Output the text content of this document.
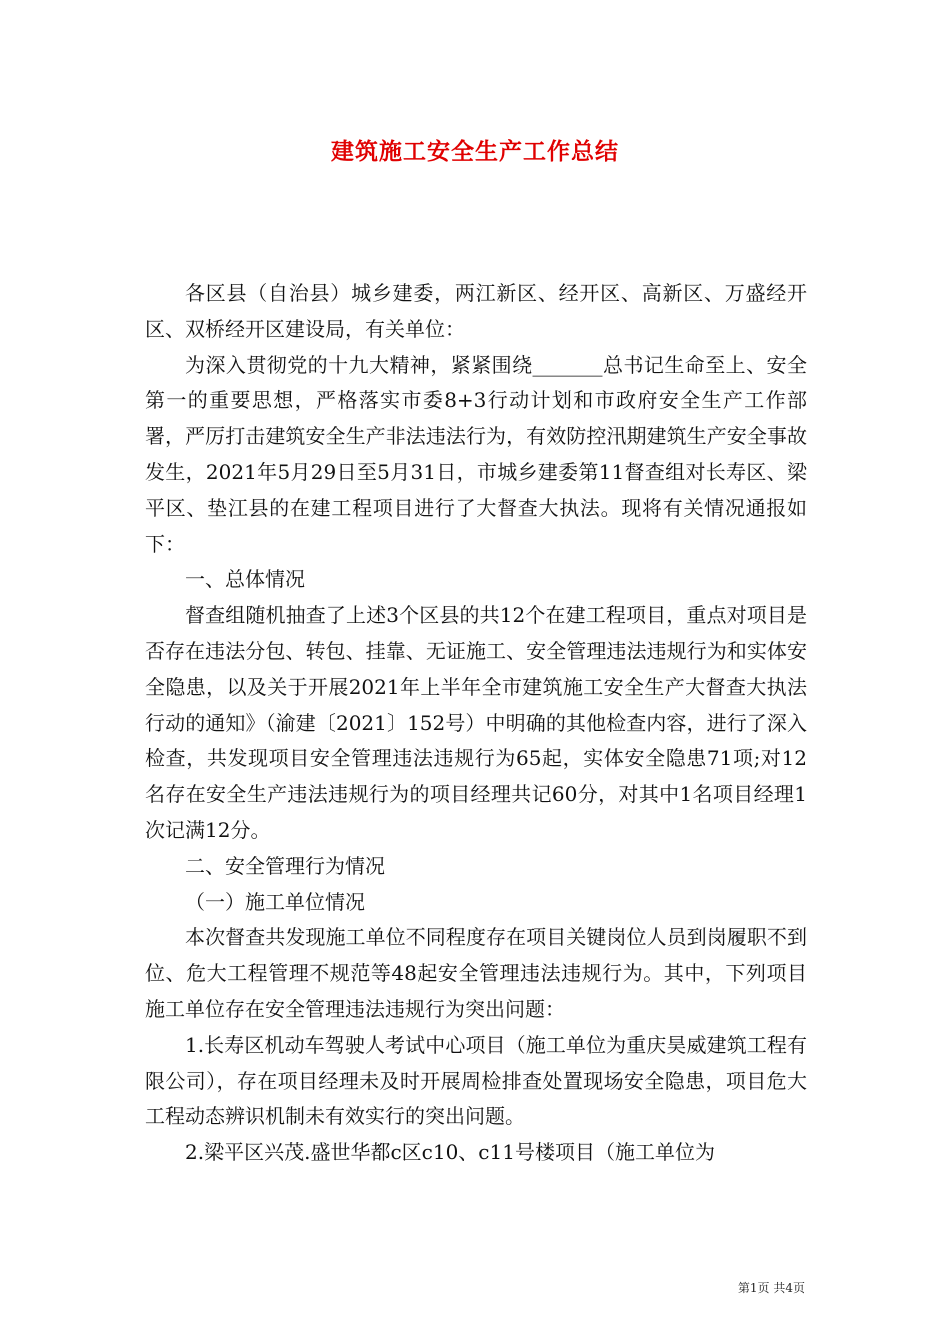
建筑施工安全生产工作总结

各区县（自治县）城乡建委，两江新区、经开区、高新区、万盛经开区、双桥经开区建设局，有关单位：

为深入贯彻党的十九大精神，紧紧围绕_______总书记生命至上、安全第一的重要思想，严格落实市委8+3行动计划和市政府安全生产工作部署，严厉打击建筑安全生产非法违法行为，有效防控汛期建筑生产安全事故发生，2021年5月29日至5月31日，市城乡建委第11督查组对长寿区、梁平区、垫江县的在建工程项目进行了大督查大执法。现将有关情况通报如下：

一、总体情况

督查组随机抽查了上述3个区县的共12个在建工程项目，重点对项目是否存在违法分包、转包、挂靠、无证施工、安全管理违法违规行为和实体安全隐患，以及关于开展2021年上半年全市建筑施工安全生产大督查大执法行动的通知》（渝建〔2021〕152号）中明确的其他检查内容，进行了深入检查，共发现项目安全管理违法违规行为65起，实体安全隐患71项;对12名存在安全生产违法违规行为的项目经理共记60分，对其中1名项目经理1次记满12分。

二、安全管理行为情况

（一）施工单位情况

本次督查共发现施工单位不同程度存在项目关键岗位人员到岗履职不到位、危大工程管理不规范等48起安全管理违法违规行为。其中，下列项目施工单位存在安全管理违法违规行为突出问题：

1.长寿区机动车驾驶人考试中心项目（施工单位为重庆昊威建筑工程有限公司），存在项目经理未及时开展周检排查处置现场安全隐患，项目危大工程动态辨识机制未有效实行的突出问题。

2.梁平区兴茂.盛世华都c区c10、c11号楼项目（施工单位为

第1页 共4页
